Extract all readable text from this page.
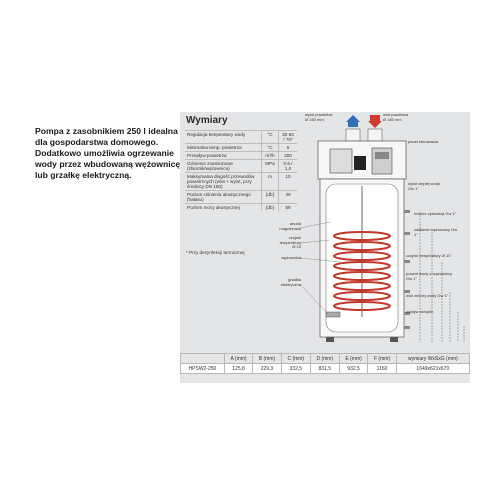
Pompa z zasobnikiem 250 l idealna

dla gospodarstwa domowego.

Dodatkowo umożliwia ogrzewanie

wody przez wbudowaną wężownicę

lub grzałkę elektryczną.

Wymiary
Regulacja temperatury wody	°C	30-60 / 70*
Minimalna temp. powietrza	°C	5
Przepływ powietrza	m³/h	300
Ciśnienie znamionowe (zbiornik/wężownica)	MPa	0,6 / 1,0
Maksymalna długość przewodów powietrznych (wlot + wylot, przy średnicy DN 150)	m	10
Poziom ciśnienia akustycznego (hałasu)	[db]	49
Poziom mocy akustycznej	[db]	59
* Przy dezynfekcji termicznej
wylot powietrza
Ø 160 mm
wlot powietrza
Ø 160 mm
panel sterowania
wylot ciepłej wody
Gw 1"
króciec cyrkulacji Gw 1"
zasilanie wężownicy Gw 1"
anoda magnezowa
czujnik temperatury
Ø 10
wężownica
grzałka elektryczna
czujnik temperatury Ø 10
powrót wody z wężownicy Gw 1"
wlot zimnej wody Gw 1"
odpływ skroplin
	A (mm)	B (mm)	C (mm)	D (mm)	E (mm)	F (mm)	wymiary WxSxG (mm)
HPSW2-250	125,8	229,3	332,5	831,5	932,5	1160	1649x621x670
